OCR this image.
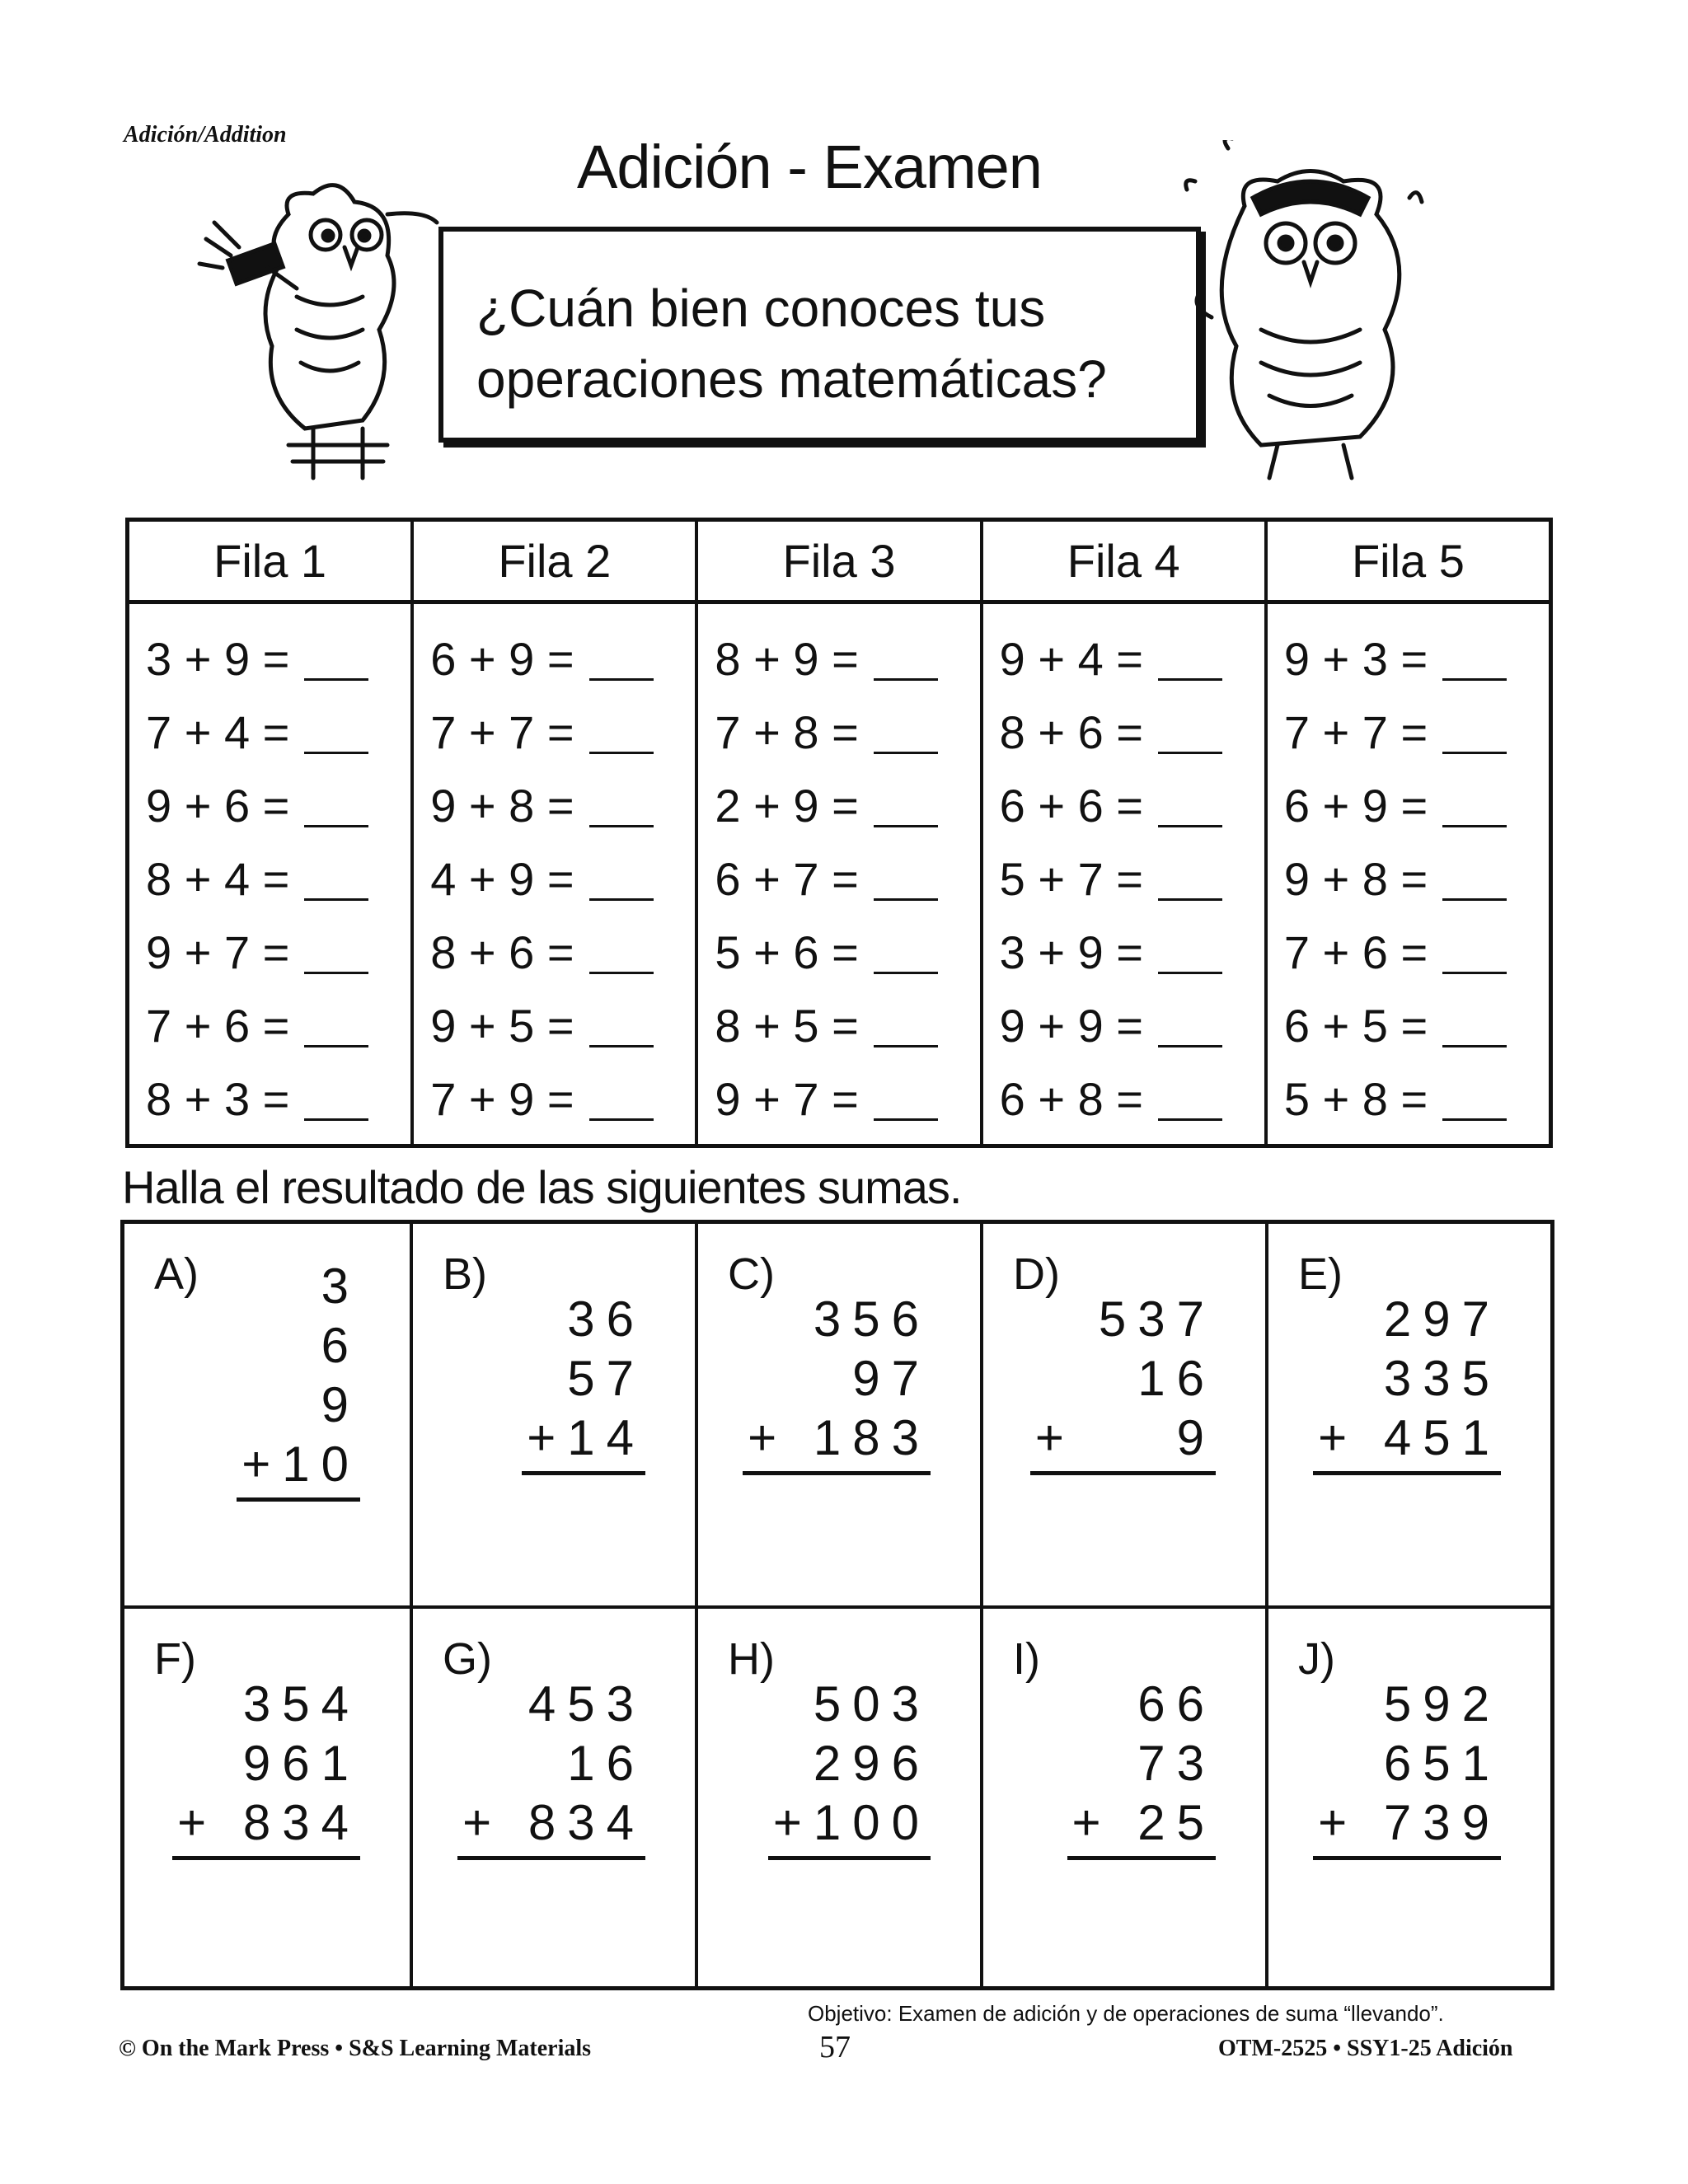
Adición/Addition	Adición - Examen
¿Cuán bien conoces tus
operaciones matemáticas?
Fila 1
3 + 9 =
7 + 4 =
9 + 6 =
8 + 4 =
9 + 7 =
7 + 6 =
8 + 3 =
Fila 2
6 + 9 =
7 + 7 =
9 + 8 =
4 + 9 =
8 + 6 =
9 + 5 =
7 + 9 =
Fila 3
8 + 9 =
7 + 8 =
2 + 9 =
6 + 7 =
5 + 6 =
8 + 5 =
9 + 7 =
Fila 4
9 + 4 =
8 + 6 =
6 + 6 =
5 + 7 =
3 + 9 =
9 + 9 =
6 + 8 =
Fila 5
9 + 3 =
7 + 7 =
6 + 9 =
9 + 8 =
7 + 6 =
6 + 5 =
5 + 8 =
Halla el resultado de las siguientes sumas.
A)	3
6
9
+10
B)
36
57
+14
C)
356
97
+ 183
D)
537
16
+    9
E)
297
335
+ 451
F)
354
961
+ 834
G)
453
16
+ 834
H)
503
296
+100
I)
66
73
+ 25
J)
592
651
+ 739
Objetivo: Examen de adición y de operaciones de suma “llevando”.
© On the Mark Press • S&S Learning Materials	57	OTM-2525 • SSY1-25 Adición
